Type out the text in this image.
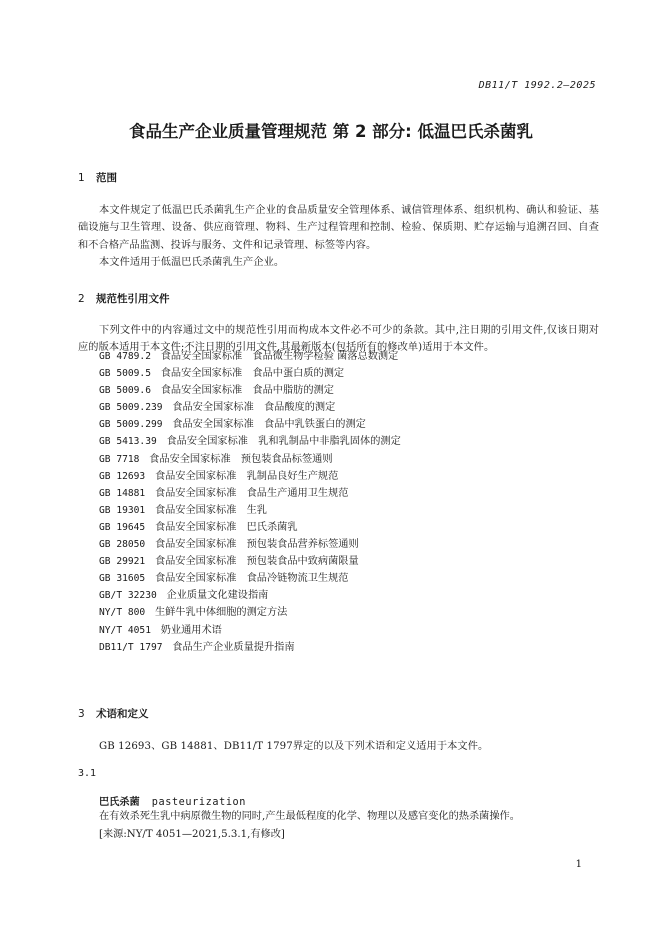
DB11/T 1992.2—2025
食品生产企业质量管理规范 第 2 部分: 低温巴氏杀菌乳
1 范围
本文件规定了低温巴氏杀菌乳生产企业的食品质量安全管理体系、诚信管理体系、组织机构、确认和验证、基础设施与卫生管理、设备、供应商管理、物料、生产过程管理和控制、检验、保质期、贮存运输与追溯召回、自查和不合格产品监测、投诉与服务、文件和记录管理、标签等内容。
本文件适用于低温巴氏杀菌乳生产企业。
2 规范性引用文件
下列文件中的内容通过文中的规范性引用而构成本文件必不可少的条款。其中,注日期的引用文件,仅该日期对应的版本适用于本文件;不注日期的引用文件,其最新版本(包括所有的修改单)适用于本文件。
GB 4789.2 食品安全国家标准　食品微生物学检验 菌落总数测定
GB 5009.5 食品安全国家标准　食品中蛋白质的测定
GB 5009.6 食品安全国家标准　食品中脂肪的测定
GB 5009.239 食品安全国家标准　食品酸度的测定
GB 5009.299 食品安全国家标准　食品中乳铁蛋白的测定
GB 5413.39 食品安全国家标准　乳和乳制品中非脂乳固体的测定
GB 7718 食品安全国家标准　预包装食品标签通则
GB 12693 食品安全国家标准　乳制品良好生产规范
GB 14881 食品安全国家标准　食品生产通用卫生规范
GB 19301 食品安全国家标准　生乳
GB 19645 食品安全国家标准　巴氏杀菌乳
GB 28050 食品安全国家标准　预包装食品营养标签通则
GB 29921 食品安全国家标准　预包装食品中致病菌限量
GB 31605 食品安全国家标准　食品冷链物流卫生规范
GB/T 32230 企业质量文化建设指南
NY/T 800 生鲜牛乳中体细胞的测定方法
NY/T 4051 奶业通用术语
DB11/T 1797 食品生产企业质量提升指南
3 术语和定义
GB 12693、GB 14881、DB11/T 1797界定的以及下列术语和定义适用于本文件。
3.1
巴氏杀菌 pasteurization
在有效杀死生乳中病原微生物的同时,产生最低程度的化学、物理以及感官变化的热杀菌操作。
[来源:NY/T 4051—2021,5.3.1,有修改]
1
